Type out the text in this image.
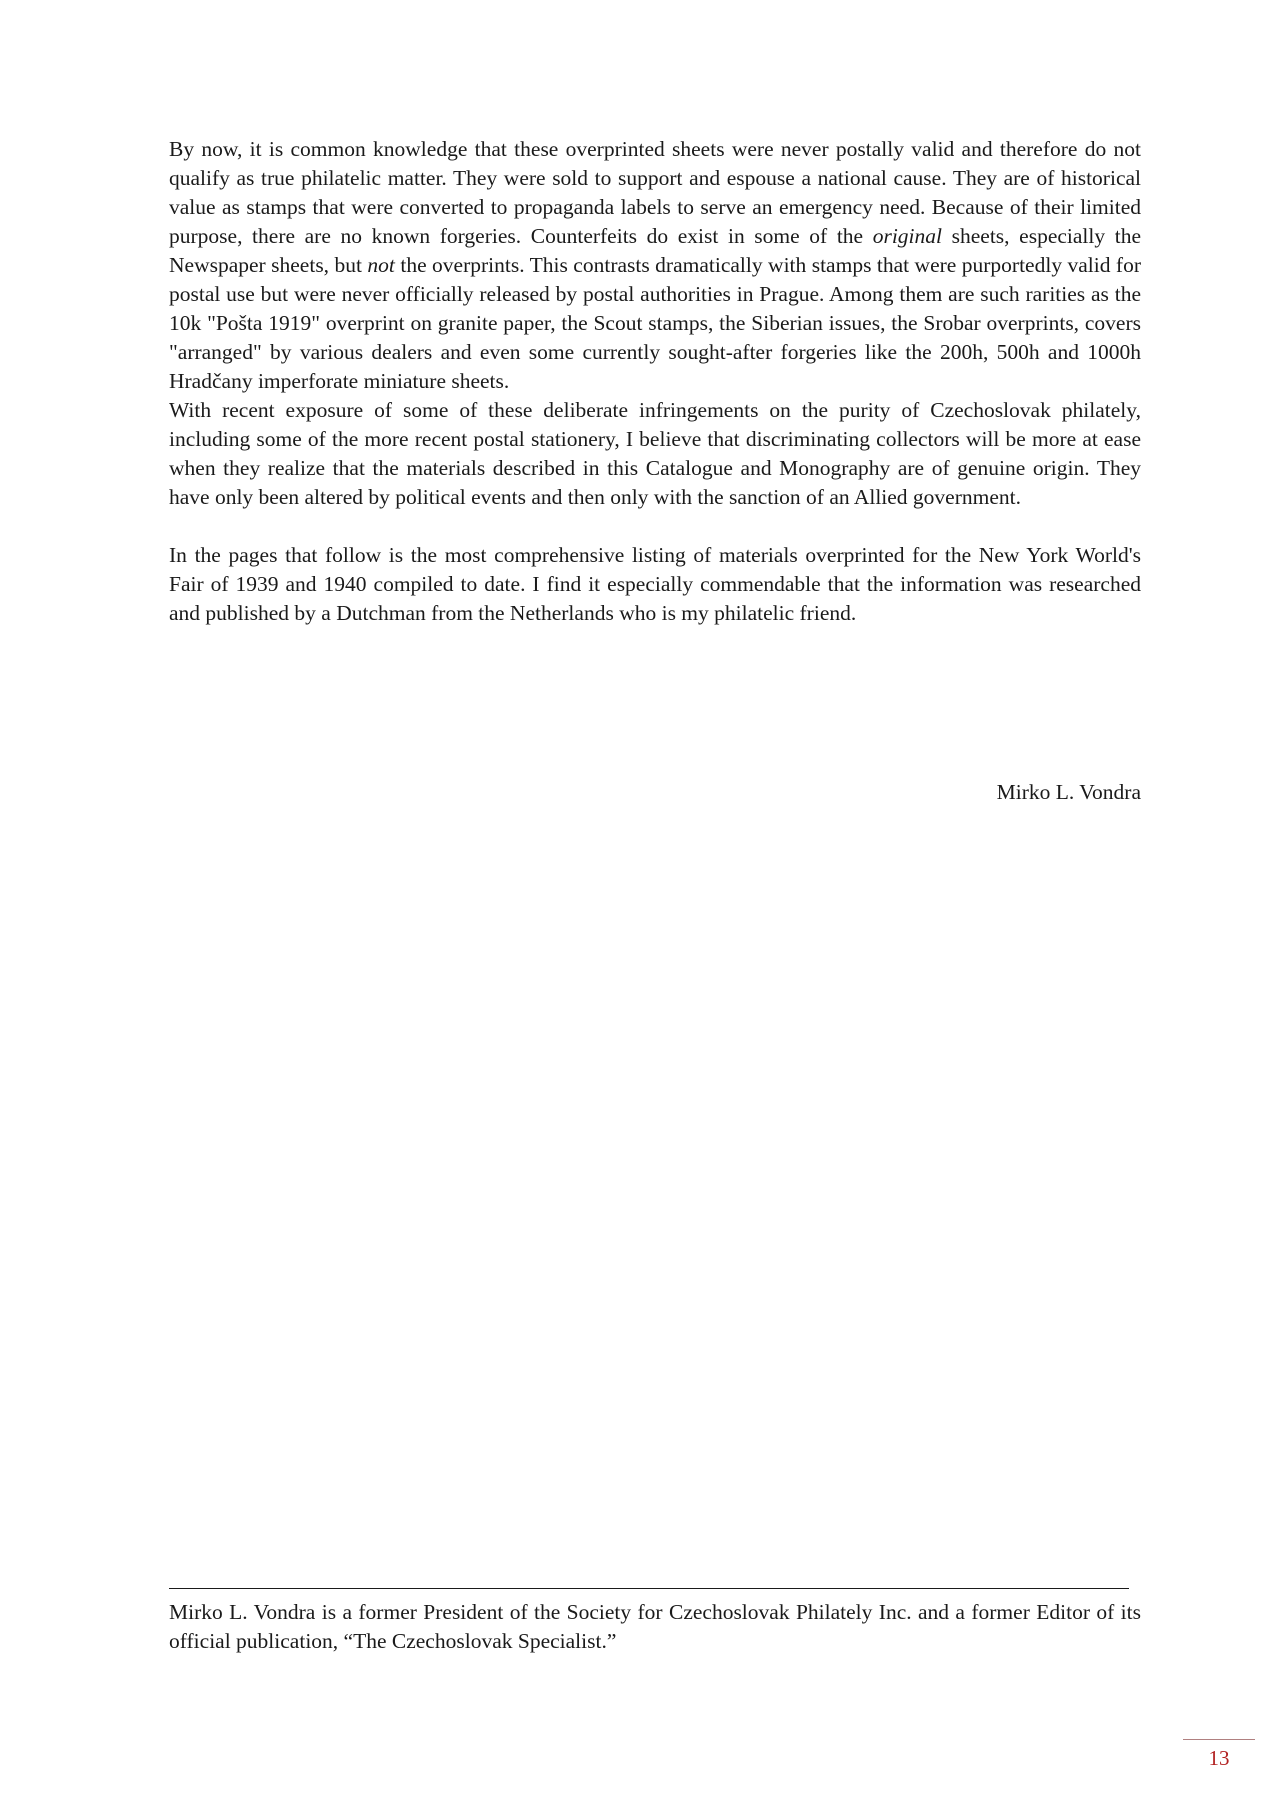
By now, it is common knowledge that these overprinted sheets were never postally valid and therefore do not qualify as true philatelic matter. They were sold to support and espouse a national cause. They are of historical value as stamps that were converted to propaganda labels to serve an emergency need. Because of their limited purpose, there are no known forgeries. Counterfeits do exist in some of the original sheets, especially the Newspaper sheets, but not the overprints. This contrasts dramatically with stamps that were purportedly valid for postal use but were never officially released by postal authorities in Prague. Among them are such rarities as the 10k "Pošta 1919" overprint on granite paper, the Scout stamps, the Siberian issues, the Srobar overprints, covers "arranged" by various dealers and even some currently sought-after forgeries like the 200h, 500h and 1000h Hradčany imperforate miniature sheets.

With recent exposure of some of these deliberate infringements on the purity of Czechoslovak philately, including some of the more recent postal stationery, I believe that discriminating collectors will be more at ease when they realize that the materials described in this Catalogue and Monography are of genuine origin. They have only been altered by political events and then only with the sanction of an Allied government.

In the pages that follow is the most comprehensive listing of materials overprinted for the New York World's Fair of 1939 and 1940 compiled to date. I find it especially commendable that the information was researched and published by a Dutchman from the Netherlands who is my philatelic friend.

Mirko L. Vondra
Mirko L. Vondra is a former President of the Society for Czechoslovak Philately Inc. and a former Editor of its official publication, “The Czechoslovak Specialist.”
13
